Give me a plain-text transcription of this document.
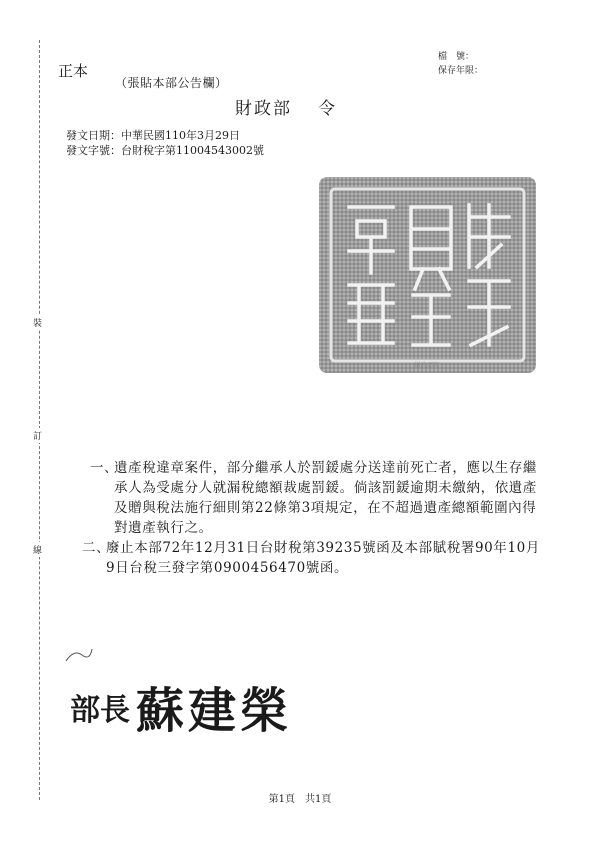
正本
（張貼本部公告欄）
檔　號：
保存年限：
財政部 令
發文日期：中華民國110年3月29日
發文字號：台財稅字第11004543002號
裝
訂
線
財政部印
一、
遺產稅違章案件，部分繼承人於罰鍰處分送達前死亡者，應以生存繼承人為受處分人就漏稅總額裁處罰鍰。倘該罰鍰逾期未繳納，依遺產及贈與稅法施行細則第22條第3項規定，在不超過遺產總額範圍內得對遺產執行之。
二、
廢止本部72年12月31日台財稅第39235號函及本部賦稅署90年10月9日台稅三發字第0900456470號函。
部長 蘇建榮
第1頁　共1頁
